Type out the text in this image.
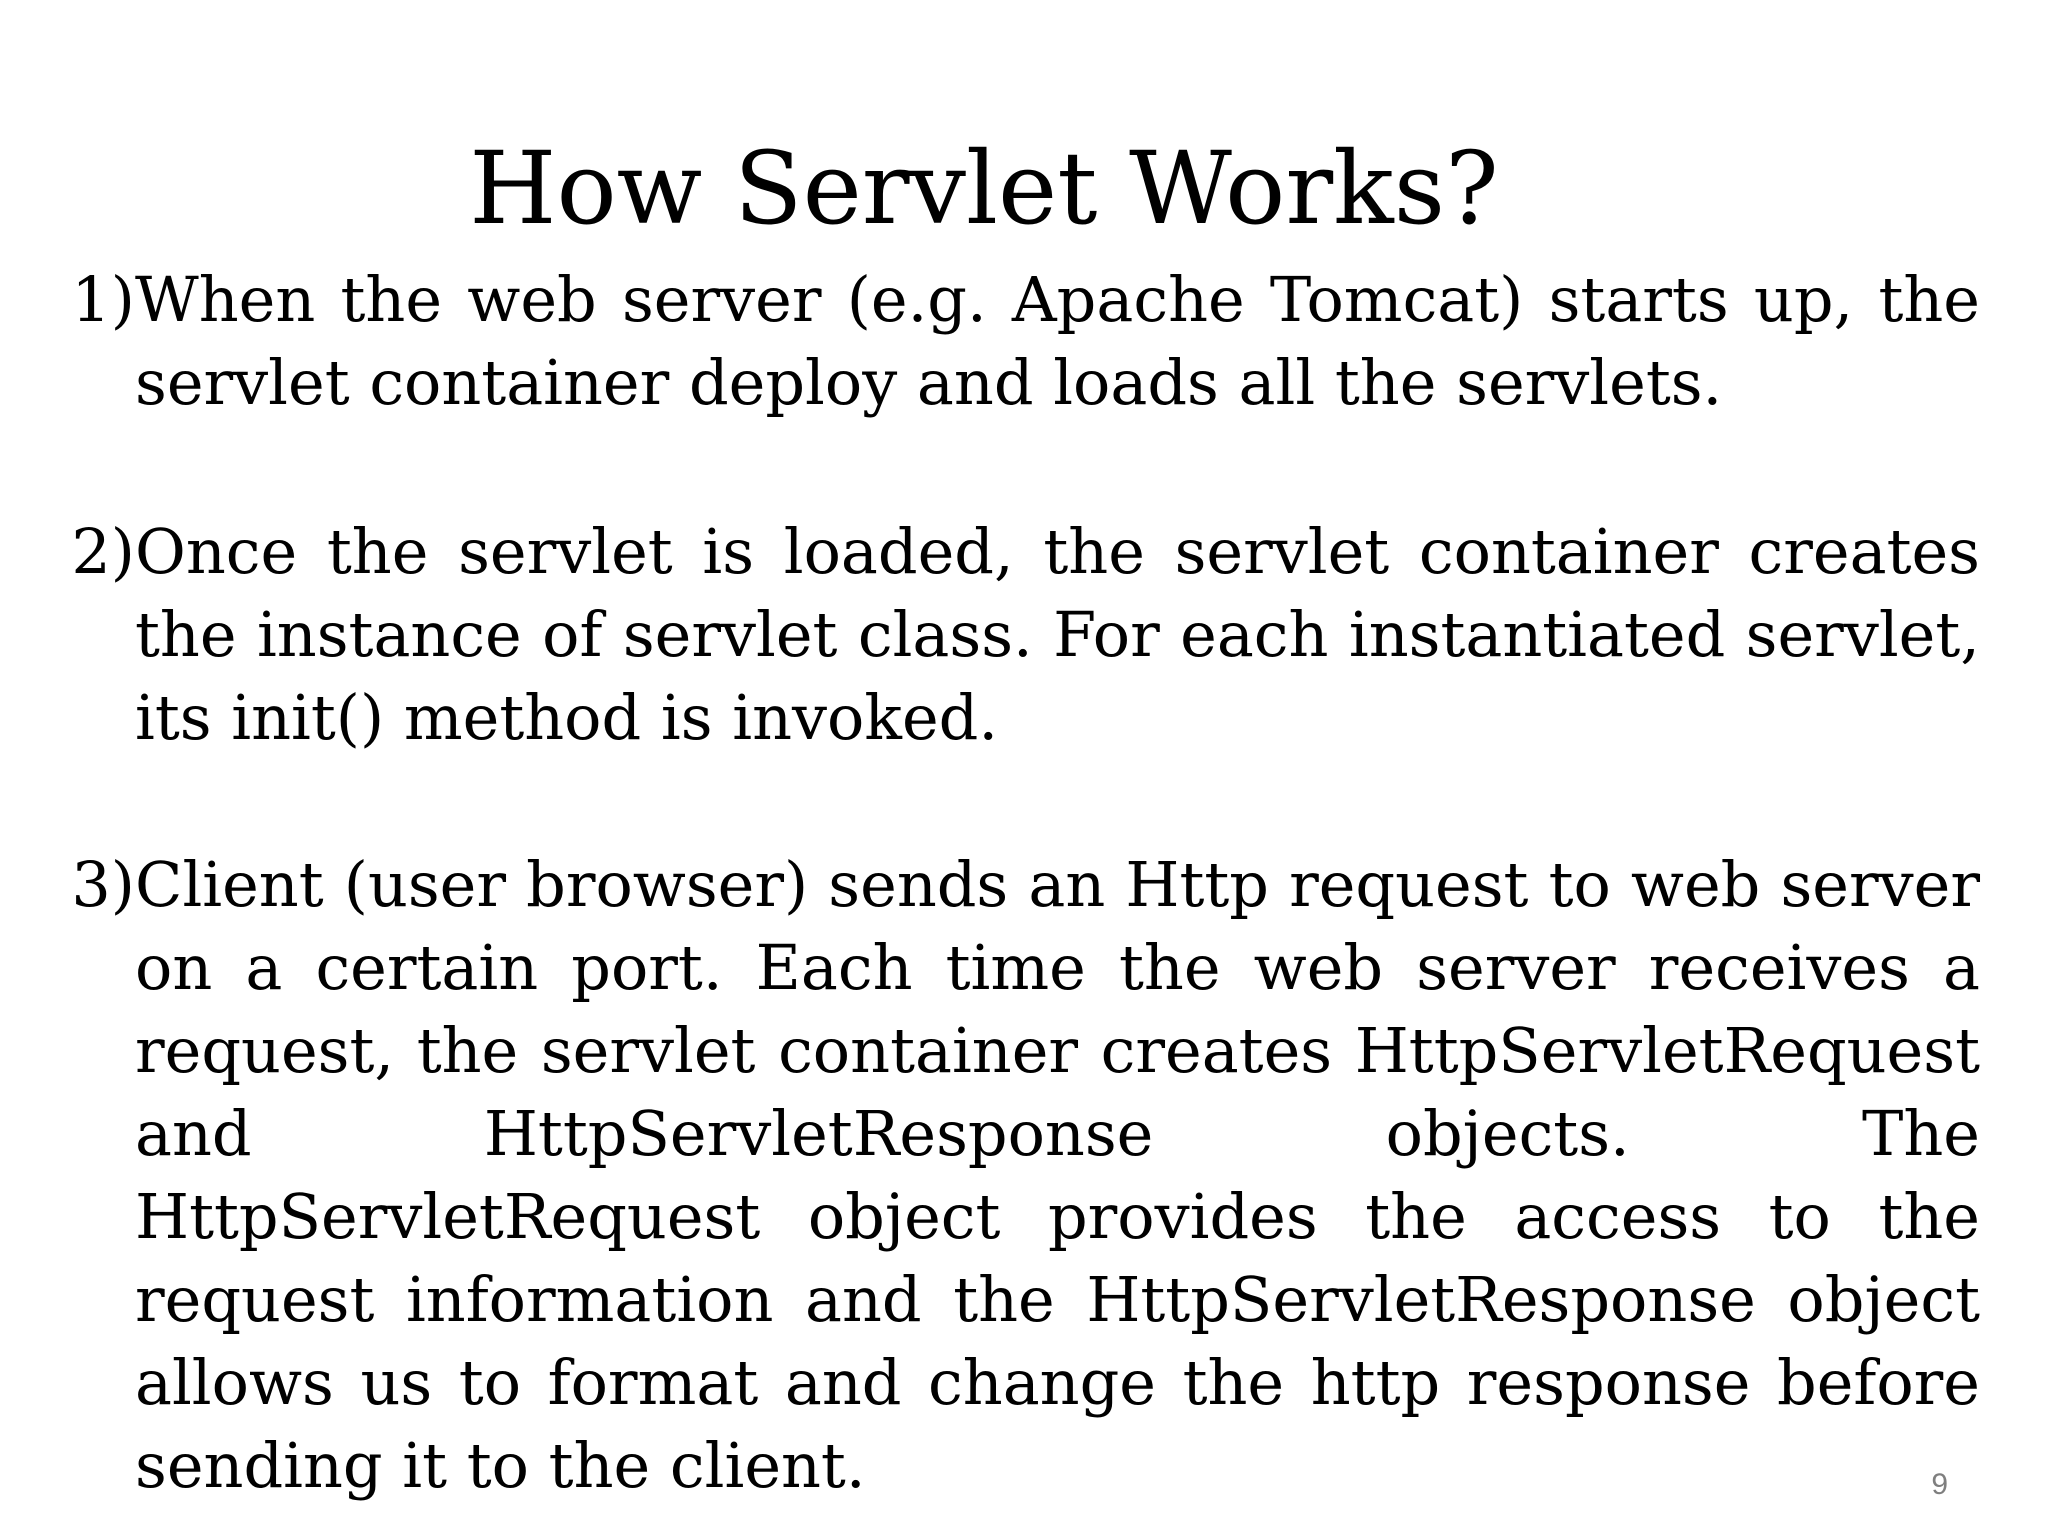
How Servlet Works?
1) When the web server (e.g. Apache Tomcat) starts up, the servlet container deploy and loads all the servlets.
2) Once the servlet is loaded, the servlet container creates the instance of servlet class. For each instantiated servlet, its init() method is invoked.
3) Client (user browser) sends an Http request to web server on a certain port. Each time the web server receives a request, the servlet container creates HttpServletRequest and HttpServletResponse objects. The HttpServletRequest object provides the access to the request information and the HttpServletResponse object allows us to format and change the http response before sending it to the client.	9
